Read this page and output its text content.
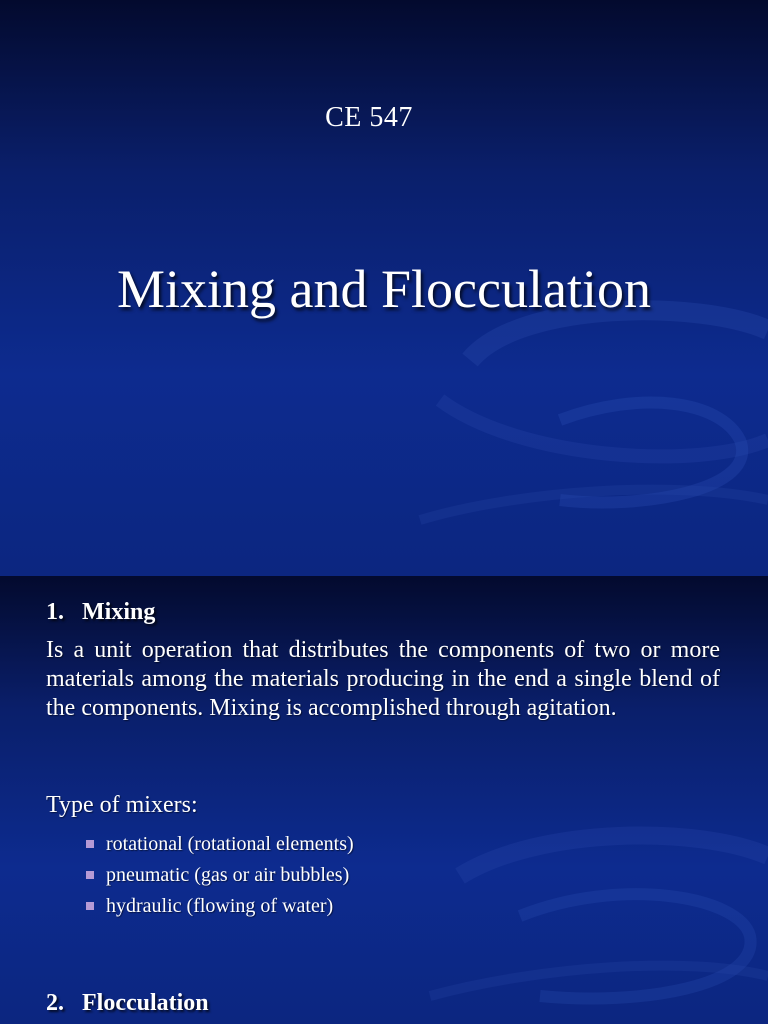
CE 547
Mixing and Flocculation
1. Mixing
Is a unit operation that distributes the components of two or more materials among the materials producing in the end a single blend of the components. Mixing is accomplished through agitation.
Type of mixers:
rotational (rotational elements)
pneumatic (gas or air bubbles)
hydraulic (flowing of water)
2. Flocculation
